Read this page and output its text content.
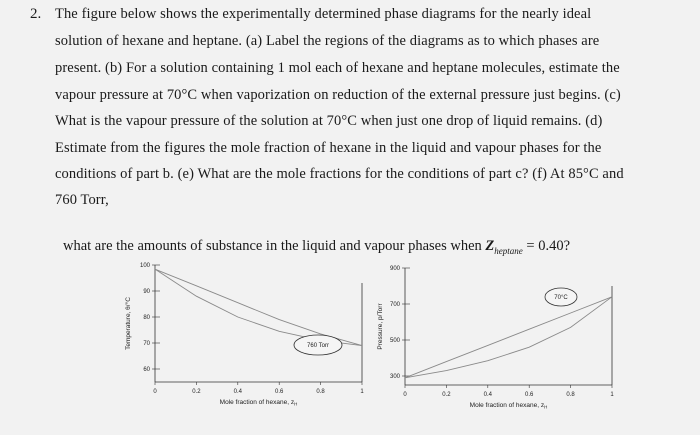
2. The figure below shows the experimentally determined phase diagrams for the nearly ideal
solution of hexane and heptane. (a) Label the regions of the diagrams as to which phases are
present. (b) For a solution containing 1 mol each of hexane and heptane molecules, estimate the
vapour pressure at 70°C when vaporization on reduction of the external pressure just begins. (c)
What is the vapour pressure of the solution at 70°C when just one drop of liquid remains. (d)
Estimate from the figures the mole fraction of hexane in the liquid and vapour phases for the
conditions of part b. (e) What are the mole fractions for the conditions of part c? (f) At 85°C and
760 Torr,
what are the amounts of substance in the liquid and vapour phases when $Z_{heptane} = 0.40$?
0	0.2	0.4	0.6	0.8	1
100
90
80
70
60
760 Torr
Mole fraction of hexane, $z_H$
Temperature, θ/°C
0	0.2	0.4	0.6	0.8	1
900
700
500
300
70°C
Mole fraction of hexane, $z_H$
Pressure, p/Torr
